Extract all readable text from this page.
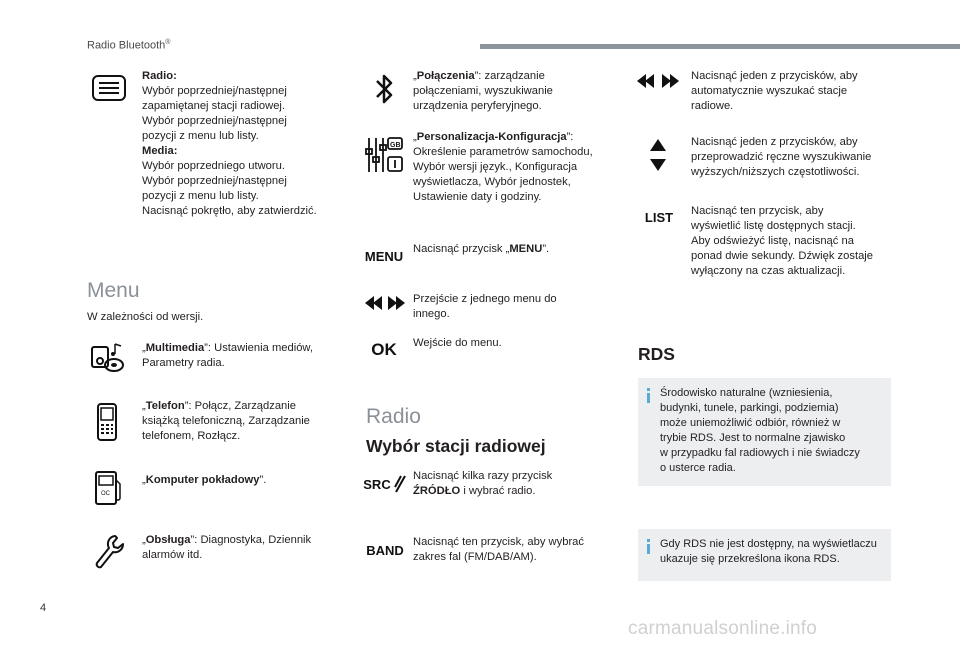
Radio Bluetooth®
Radio:
Wybór poprzedniej/następnej
zapamiętanej stacji radiowej.
Wybór poprzedniej/następnej
pozycji z menu lub listy.
Media:
Wybór poprzedniego utworu.
Wybór poprzedniej/następnej
pozycji z menu lub listy.
Nacisnąć pokrętło, aby zatwierdzić.
Menu
W zależności od wersji.
„Multimedia”: Ustawienia mediów,
Parametry radia.
„Telefon”: Połącz, Zarządzanie
książką telefoniczną, Zarządzanie
telefonem, Rozłącz.
OC
„Komputer pokładowy”.
„Obsługa”: Diagnostyka, Dziennik
alarmów itd.
„Połączenia”: zarządzanie
połączeniami, wyszukiwanie
urządzenia peryferyjnego.
GB
„Personalizacja-Konfiguracja”:
Określenie parametrów samochodu,
Wybór wersji język., Konfiguracja
wyświetlacza, Wybór jednostek,
Ustawienie daty i godziny.
MENU Nacisnąć przycisk „MENU”.
Przejście z jednego menu do
innego.
OK	Wejście do menu.
Radio
Wybór stacji radiowej
SRC
Nacisnąć kilka razy przycisk
ŹRÓDŁO i wybrać radio.
BAND
Nacisnąć ten przycisk, aby wybrać
zakres fal (FM/DAB/AM).
Nacisnąć jeden z przycisków, aby
automatycznie wyszukać stacje
radiowe.
Nacisnąć jeden z przycisków, aby
przeprowadzić ręczne wyszukiwanie
wyższych/niższych częstotliwości.
LIST	Nacisnąć ten przycisk, aby
wyświetlić listę dostępnych stacji.
Aby odświeżyć listę, nacisnąć na
ponad dwie sekundy. Dźwięk zostaje
wyłączony na czas aktualizacji.
RDS
Środowisko naturalne (wzniesienia,
budynki, tunele, parkingi, podziemia)
może uniemożliwić odbiór, również w
trybie RDS. Jest to normalne zjawisko
w przypadku fal radiowych i nie świadczy
o usterce radia.
Gdy RDS nie jest dostępny, na wyświetlaczu
ukazuje się przekreślona ikona RDS.
4
carmanualsonline.info
